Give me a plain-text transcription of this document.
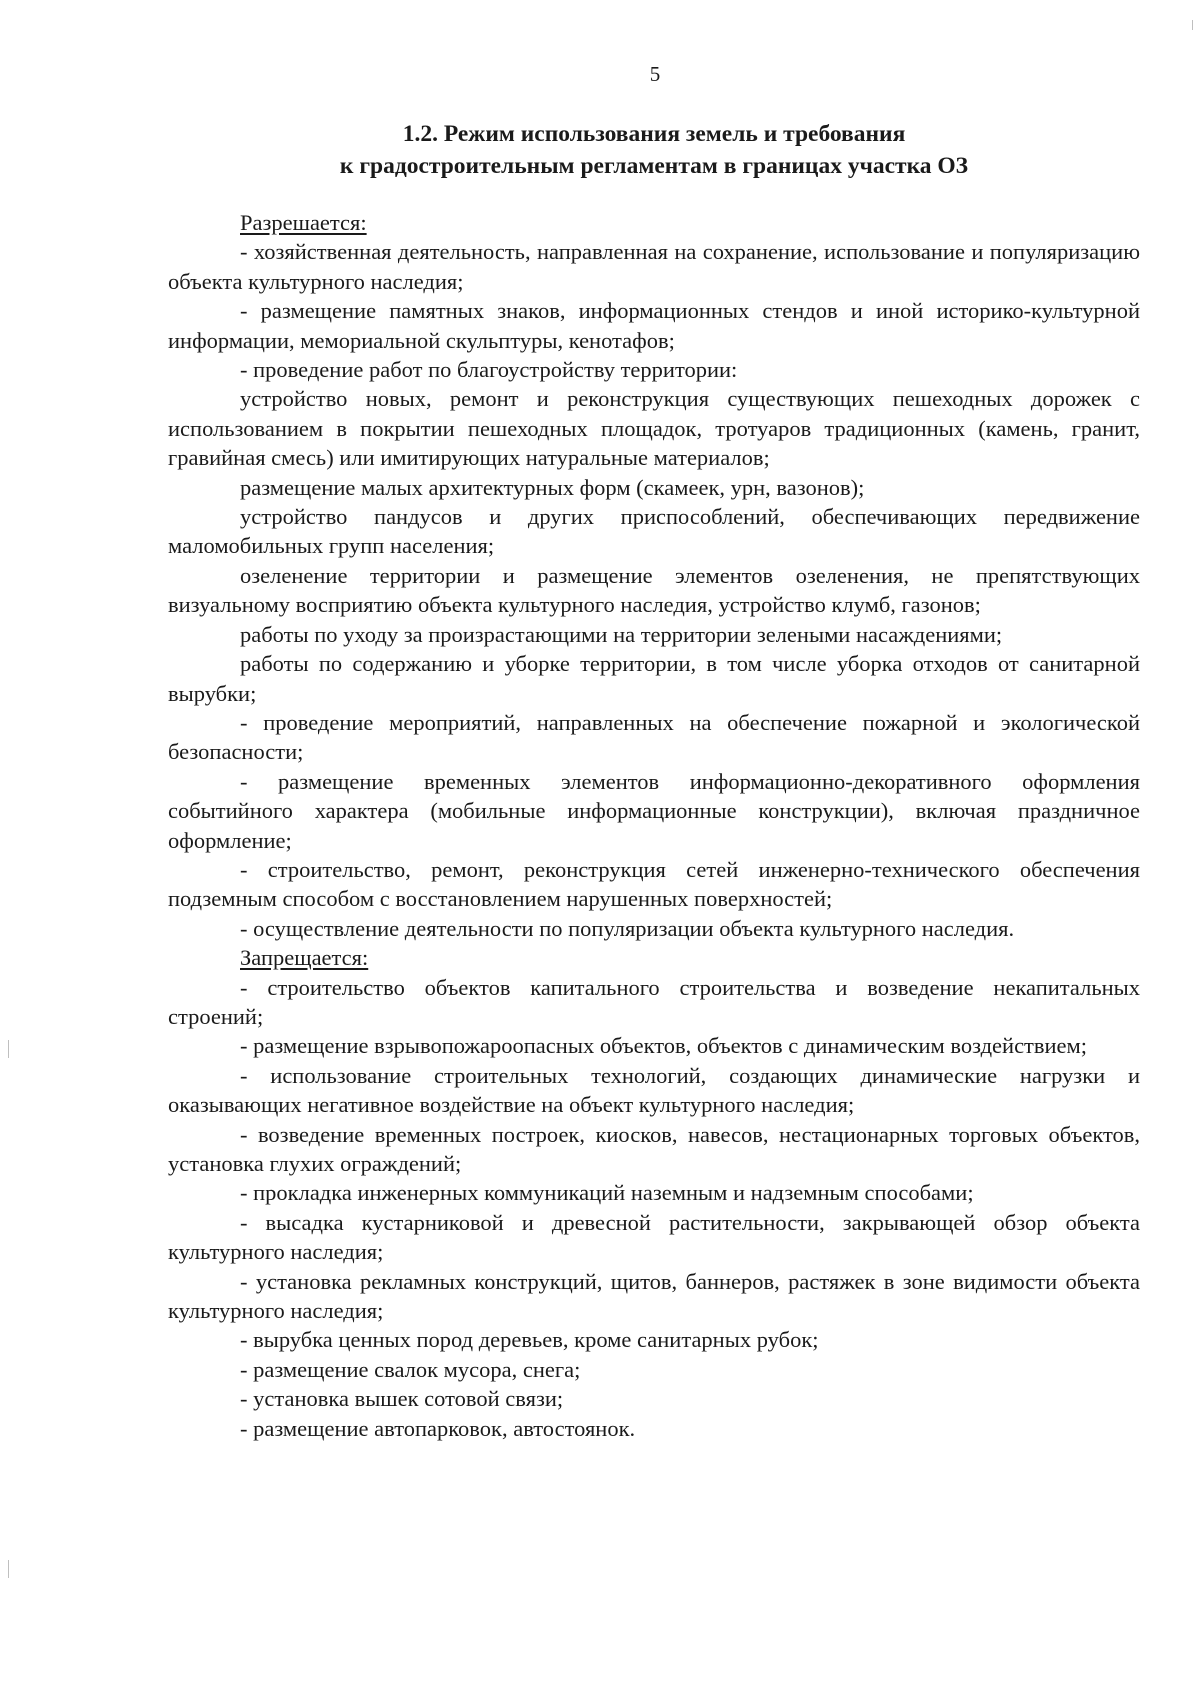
5
1.2. Режим использования земель и требования
к градостроительным регламентам в границах участка ОЗ

Разрешается:

- хозяйственная деятельность, направленная на сохранение, использование и популяризацию объекта культурного наследия;

- размещение памятных знаков, информационных стендов и иной историко-культурной информации, мемориальной скульптуры, кенотафов;

- проведение работ по благоустройству территории:

устройство новых, ремонт и реконструкция существующих пешеходных дорожек с использованием в покрытии пешеходных площадок, тротуаров традиционных (камень, гранит, гравийная смесь) или имитирующих натуральные материалов;

размещение малых архитектурных форм (скамеек, урн, вазонов);

устройство пандусов и других приспособлений, обеспечивающих передвижение маломобильных групп населения;

озеленение территории и размещение элементов озеленения, не препятствующих визуальному восприятию объекта культурного наследия, устройство клумб, газонов;

работы по уходу за произрастающими на территории зелеными насаждениями;

работы по содержанию и уборке территории, в том числе уборка отходов от санитарной вырубки;

- проведение мероприятий, направленных на обеспечение пожарной и экологической безопасности;

- размещение временных элементов информационно-декоративного оформления событийного характера (мобильные информационные конструкции), включая праздничное оформление;

- строительство, ремонт, реконструкция сетей инженерно-технического обеспечения подземным способом с восстановлением нарушенных поверхностей;

- осуществление деятельности по популяризации объекта культурного наследия.

Запрещается:

- строительство объектов капитального строительства и возведение некапитальных строений;

- размещение взрывопожароопасных объектов, объектов с динамическим воздействием;

- использование строительных технологий, создающих динамические нагрузки и оказывающих негативное воздействие на объект культурного наследия;

- возведение временных построек, киосков, навесов, нестационарных торговых объектов, установка глухих ограждений;

- прокладка инженерных коммуникаций наземным и надземным способами;

- высадка кустарниковой и древесной растительности, закрывающей обзор объекта культурного наследия;

- установка рекламных конструкций, щитов, баннеров, растяжек в зоне видимости объекта культурного наследия;

- вырубка ценных пород деревьев, кроме санитарных рубок;

- размещение свалок мусора, снега;

- установка вышек сотовой связи;

- размещение автопарковок, автостоянок.
